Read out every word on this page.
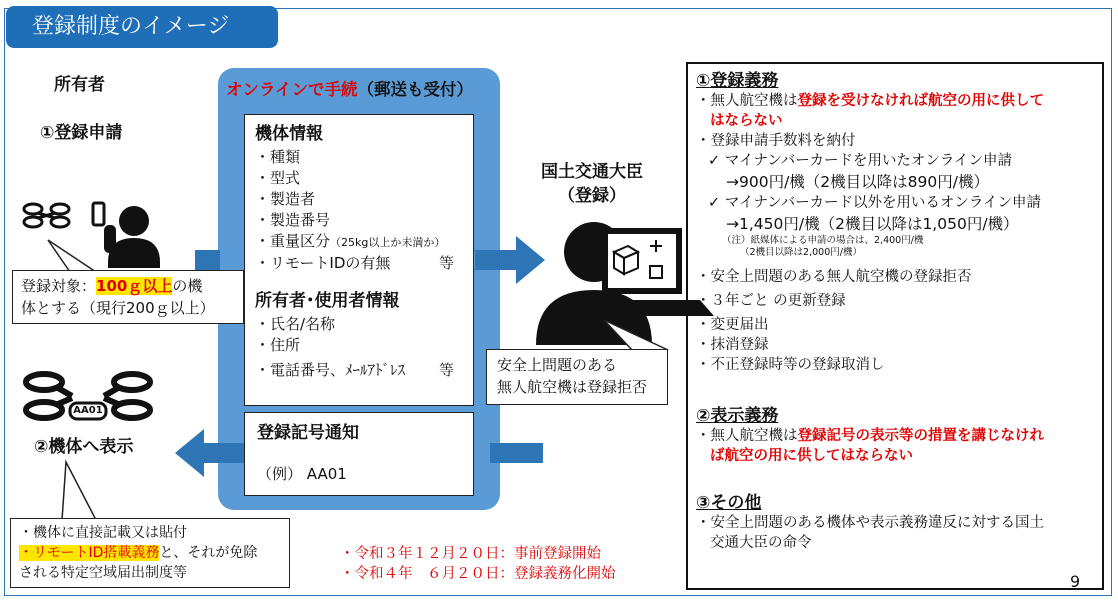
登録制度のイメージ
所有者
①登録申請
登録対象：100ｇ以上の機
体とする（現行200ｇ以上）
AA01
②機体へ表示
・機体に直接記載又は貼付
・リモートID搭載義務と、それが免除
される特定空域届出制度等
オンラインで手続（郵送も受付）
機体情報
・種類
・型式
・製造者
・製造番号
・重量区分（25kg以上か未満か）
・リモートIDの有無	等
所有者･使用者情報
・氏名/名称
・住所
・電話番号、ﾒｰﾙｱﾄﾞﾚｽ 等
登録記号通知
（例） AA01
国土交通大臣
（登録）
安全上問題のある
無人航空機は登録拒否
・令和３年１２月２０日：事前登録開始
・令和４年　６月２０日：登録義務化開始
①登録義務
・無人航空機は登録を受けなければ航空の用に供して
はならない
・登録申請手数料を納付
✓ マイナンバーカードを用いたオンライン申請
→900円/機（2機目以降は890円/機）
✓ マイナンバーカード以外を用いるオンライン申請
→1,450円/機（2機目以降は1,050円/機）
（注）紙媒体による申請の場合は、2,400円/機
（2機目以降は2,000円/機）
・安全上問題のある無人航空機の登録拒否
・３年ごと の更新登録
・変更届出
・抹消登録
・不正登録時等の登録取消し
②表示義務
・無人航空機は登録記号の表示等の措置を講じなけれ
ば航空の用に供してはならない
③その他
・安全上問題のある機体や表示義務違反に対する国土
交通大臣の命令
9
